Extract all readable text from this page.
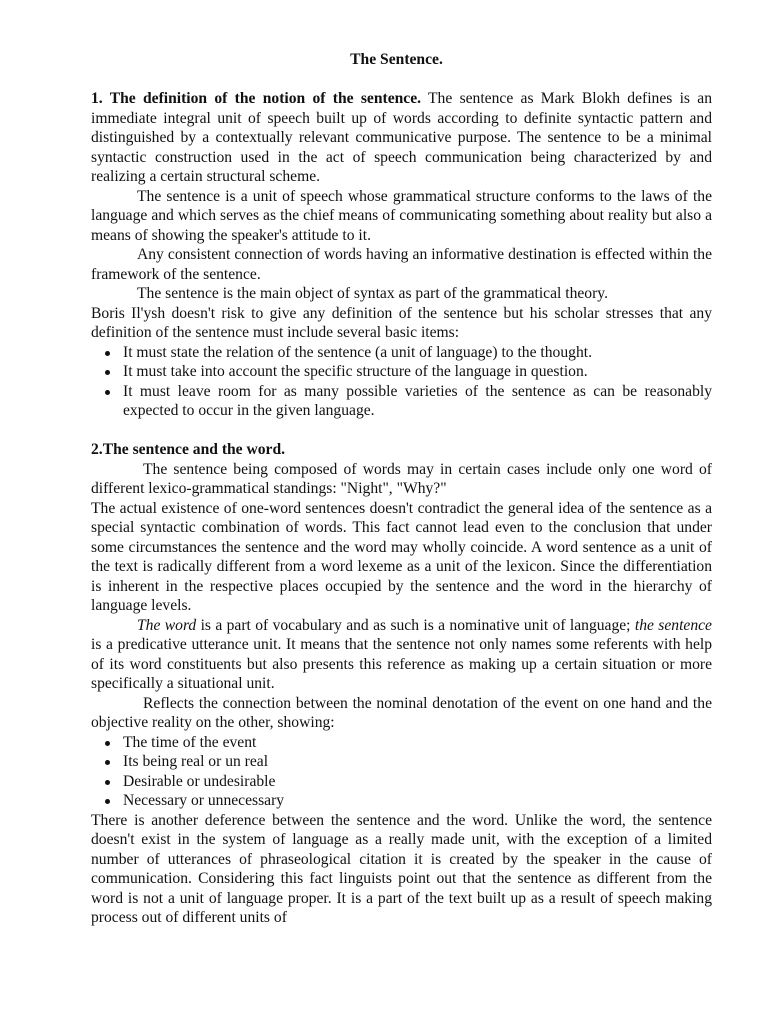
The Sentence.

1. The definition of the notion of the sentence. The sentence as Mark Blokh defines is an immediate integral unit of speech built up of words according to definite syntactic pattern and distinguished by a contextually relevant communicative purpose. The sentence to be a minimal syntactic construction used in the act of speech communication being characterized by and realizing a certain structural scheme.

The sentence is a unit of speech whose grammatical structure conforms to the laws of the language and which serves as the chief means of communicating something about reality but also a means of showing the speaker's attitude to it.

Any consistent connection of words having an informative destination is effected within the framework of the sentence.

The sentence is the main object of syntax as part of the grammatical theory.

Boris Il'ysh doesn't risk to give any definition of the sentence but his scholar stresses that any definition of the sentence must include several basic items:

It must state the relation of the sentence (a unit of language) to the thought.
It must take into account the specific structure of the language in question.
It must leave room for as many possible varieties of the sentence as can be reasonably expected to occur in the given language.
2.The sentence and the word.

The sentence being composed of words may in certain cases include only one word of different lexico-grammatical standings: "Night", "Why?"

The actual existence of one-word sentences doesn't contradict the general idea of the sentence as a special syntactic combination of words. This fact cannot lead even to the conclusion that under some circumstances the sentence and the word may wholly coincide. A word sentence as a unit of the text is radically different from a word lexeme as a unit of the lexicon. Since the differentiation is inherent in the respective places occupied by the sentence and the word in the hierarchy of language levels.

The word is a part of vocabulary and as such is a nominative unit of language; the sentence is a predicative utterance unit. It means that the sentence not only names some referents with help of its word constituents but also presents this reference as making up a certain situation or more specifically a situational unit.

Reflects the connection between the nominal denotation of the event on one hand and the objective reality on the other, showing:

The time of the event
Its being real or un real
Desirable or undesirable
Necessary or unnecessary

There is another deference between the sentence and the word. Unlike the word, the sentence doesn't exist in the system of language as a really made unit, with the exception of a limited number of utterances of phraseological citation it is created by the speaker in the cause of communication. Considering this fact linguists point out that the sentence as different from the word is not a unit of language proper. It is a part of the text built up as a result of speech making process out of different units of
